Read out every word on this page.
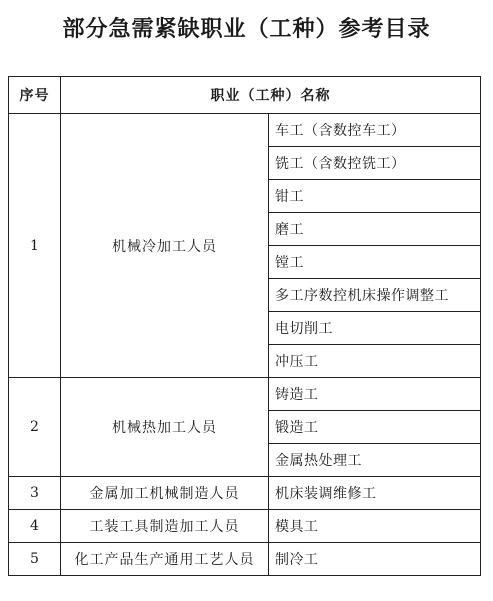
部分急需紧缺职业（工种）参考目录
序号	职业（工种）名称	
1	机械冷加工人员	车工（含数控车工）
		铣工（含数控铣工）
		钳工
		磨工
		镗工
		多工序数控机床操作调整工
		电切削工
		冲压工
2	机械热加工人员	铸造工
		锻造工
		金属热处理工
3	金属加工机械制造人员	机床装调维修工
4	工装工具制造加工人员	模具工
5	化工产品生产通用工艺人员	制冷工
